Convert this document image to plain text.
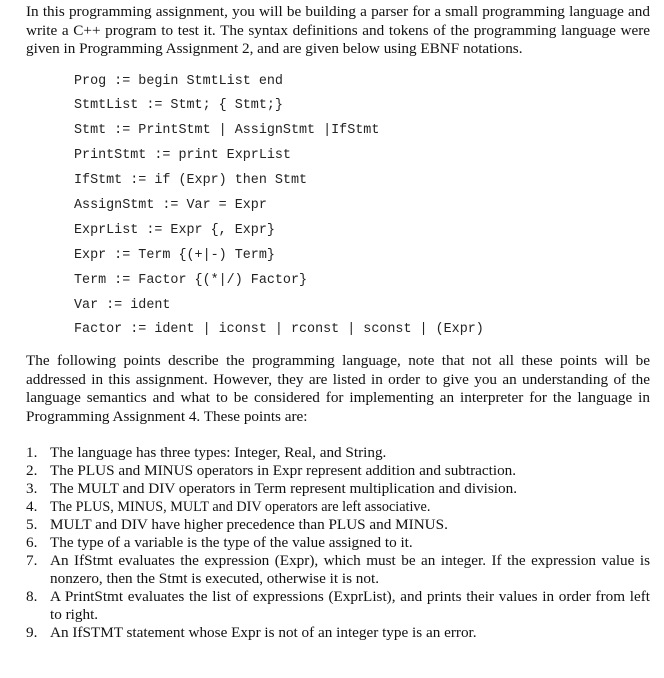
In this programming assignment, you will be building a parser for a small programming language and write a C++ program to test it. The syntax definitions and tokens of the programming language were given in Programming Assignment 2, and are given below using EBNF notations.

Prog := begin StmtList end
StmtList := Stmt; { Stmt;}
Stmt := PrintStmt | AssignStmt |IfStmt
PrintStmt := print ExprList
IfStmt := if (Expr) then Stmt
AssignStmt := Var = Expr
ExprList := Expr {, Expr}
Expr := Term {(+|-) Term}
Term := Factor {(*|/) Factor}
Var := ident
Factor := ident | iconst | rconst | sconst | (Expr)

The following points describe the programming language, note that not all these points will be addressed in this assignment. However, they are listed in order to give you an understanding of the language semantics and what to be considered for implementing an interpreter for the language in Programming Assignment 4. These points are:

1. The language has three types: Integer, Real, and String.
2. The PLUS and MINUS operators in Expr represent addition and subtraction.
3. The MULT and DIV operators in Term represent multiplication and division.
4. The PLUS, MINUS, MULT and DIV operators are left associative.
5. MULT and DIV have higher precedence than PLUS and MINUS.
6. The type of a variable is the type of the value assigned to it.
7. An IfStmt evaluates the expression (Expr), which must be an integer. If the expression value is nonzero, then the Stmt is executed, otherwise it is not.
8. A PrintStmt evaluates the list of expressions (ExprList), and prints their values in order from left to right.
9. An IfSTMT statement whose Expr is not of an integer type is an error.
